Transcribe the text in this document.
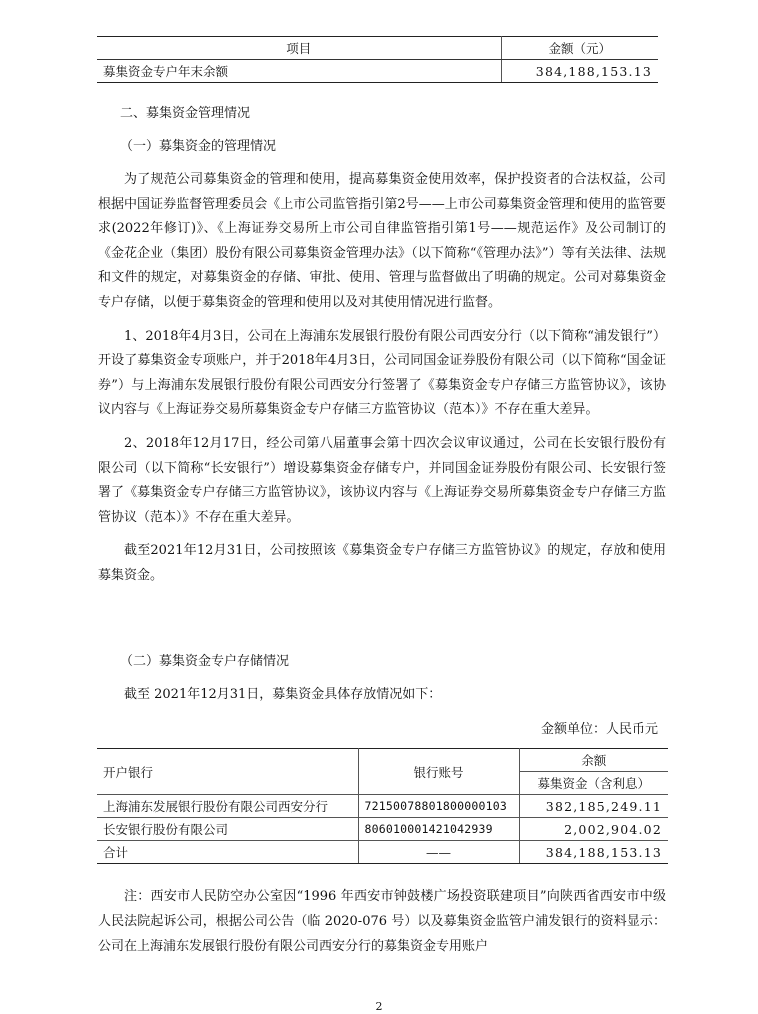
项目	金额（元）
募集资金专户年末余额	384,188,153.13
二、募集资金管理情况
（一）募集资金的管理情况

为了规范公司募集资金的管理和使用，提高募集资金使用效率，保护投资者的合法权益，公司根据中国证券监督管理委员会《上市公司监管指引第2号——上市公司募集资金管理和使用的监管要求(2022年修订)》、《上海证券交易所上市公司自律监管指引第1号——规范运作》及公司制订的《金花企业（集团）股份有限公司募集资金管理办法》（以下简称“《管理办法》”）等有关法律、法规和文件的规定，对募集资金的存储、审批、使用、管理与监督做出了明确的规定。公司对募集资金专户存储，以便于募集资金的管理和使用以及对其使用情况进行监督。

1、2018年4月3日，公司在上海浦东发展银行股份有限公司西安分行（以下简称“浦发银行”）开设了募集资金专项账户，并于2018年4月3日，公司同国金证券股份有限公司（以下简称“国金证券”）与上海浦东发展银行股份有限公司西安分行签署了《募集资金专户存储三方监管协议》，该协议内容与《上海证券交易所募集资金专户存储三方监管协议（范本）》不存在重大差异。

2、2018年12月17日，经公司第八届董事会第十四次会议审议通过，公司在长安银行股份有限公司（以下简称“长安银行”）增设募集资金存储专户，并同国金证券股份有限公司、长安银行签署了《募集资金专户存储三方监管协议》，该协议内容与《上海证券交易所募集资金专户存储三方监管协议（范本）》不存在重大差异。

截至2021年12月31日，公司按照该《募集资金专户存储三方监管协议》的规定，存放和使用募集资金。

（二）募集资金专户存储情况
截至 2021年12月31日，募集资金具体存放情况如下：
金额单位：人民币元
开户银行	银行账号	余额
		募集资金（含利息）
上海浦东发展银行股份有限公司西安分行	72150078801800000103	382,185,249.11
长安银行股份有限公司	806010001421042939	2,002,904.02
合计	——	384,188,153.13

注：西安市人民防空办公室因“1996 年西安市钟鼓楼广场投资联建项目”向陕西省西安市中级人民法院起诉公司，根据公司公告（临 2020-076 号）以及募集资金监管户浦发银行的资料显示：公司在上海浦东发展银行股份有限公司西安分行的募集资金专用账户

2
